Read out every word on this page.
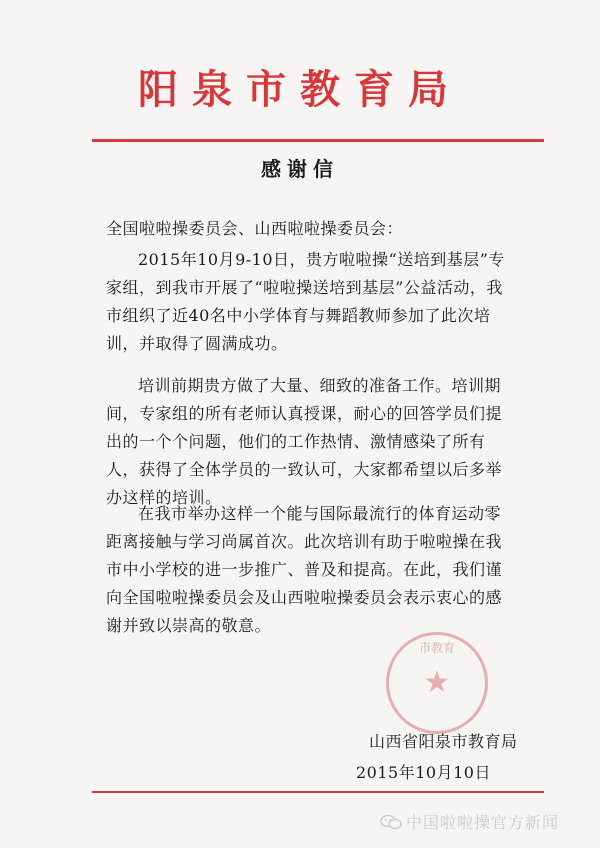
阳泉市教育局
感谢信
全国啦啦操委员会、山西啦啦操委员会：

2015年10月9-10日，贵方啦啦操“送培到基层”专家组，到我市开展了“啦啦操送培到基层”公益活动，我市组织了近40名中小学体育与舞蹈教师参加了此次培训，并取得了圆满成功。

培训前期贵方做了大量、细致的准备工作。培训期间，专家组的所有老师认真授课，耐心的回答学员们提出的一个个问题，他们的工作热情、激情感染了所有人，获得了全体学员的一致认可，大家都希望以后多举办这样的培训。

在我市举办这样一个能与国际最流行的体育运动零距离接触与学习尚属首次。此次培训有助于啦啦操在我市中小学校的进一步推广、普及和提高。在此，我们谨向全国啦啦操委员会及山西啦啦操委员会表示衷心的感谢并致以崇高的敬意。

市教育
★
山西省阳泉市教育局
2015年10月10日
中国啦啦操官方新闻
